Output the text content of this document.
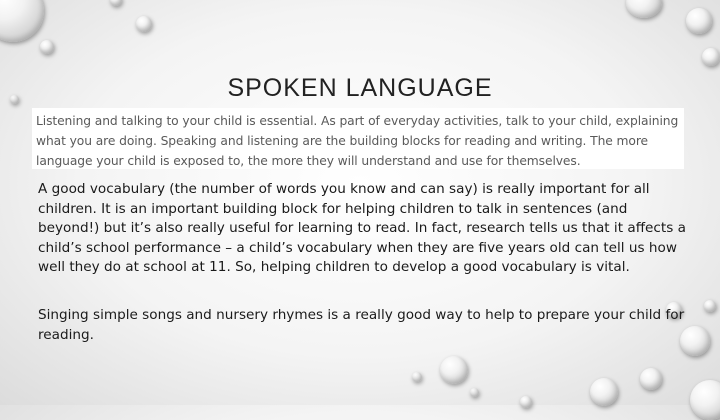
SPOKEN LANGUAGE

Listening and talking to your child is essential. As part of everyday activities, talk to your child, explaining what you are doing. Speaking and listening are the building blocks for reading and writing. The more language your child is exposed to, the more they will understand and use for themselves.

A good vocabulary (the number of words you know and can say) is really important for all children. It is an important building block for helping children to talk in sentences (and beyond!) but it’s also really useful for learning to read. In fact, research tells us that it affects a child’s school performance – a child’s vocabulary when they are five years old can tell us how well they do at school at 11. So, helping children to develop a good vocabulary is vital.

Singing simple songs and nursery rhymes is a really good way to help to prepare your child for reading.
